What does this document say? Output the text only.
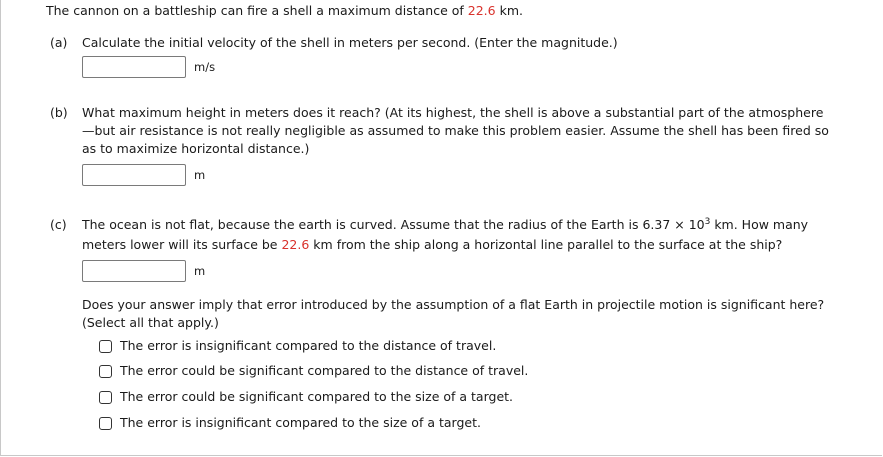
The cannon on a battleship can fire a shell a maximum distance of 22.6 km.
(a) Calculate the initial velocity of the shell in meters per second. (Enter the magnitude.)
m/s
(b) What maximum height in meters does it reach? (At its highest, the shell is above a substantial part of the atmosphere
—but air resistance is not really negligible as assumed to make this problem easier. Assume the shell has been fired so
as to maximize horizontal distance.)
m
(c) The ocean is not flat, because the earth is curved. Assume that the radius of the Earth is $6.37 \times 10^3$ km. How many
meters lower will its surface be 22.6 km from the ship along a horizontal line parallel to the surface at the ship?
m
Does your answer imply that error introduced by the assumption of a flat Earth in projectile motion is significant here?
(Select all that apply.)
The error is insignificant compared to the distance of travel.
The error could be significant compared to the distance of travel.
The error could be significant compared to the size of a target.
The error is insignificant compared to the size of a target.
